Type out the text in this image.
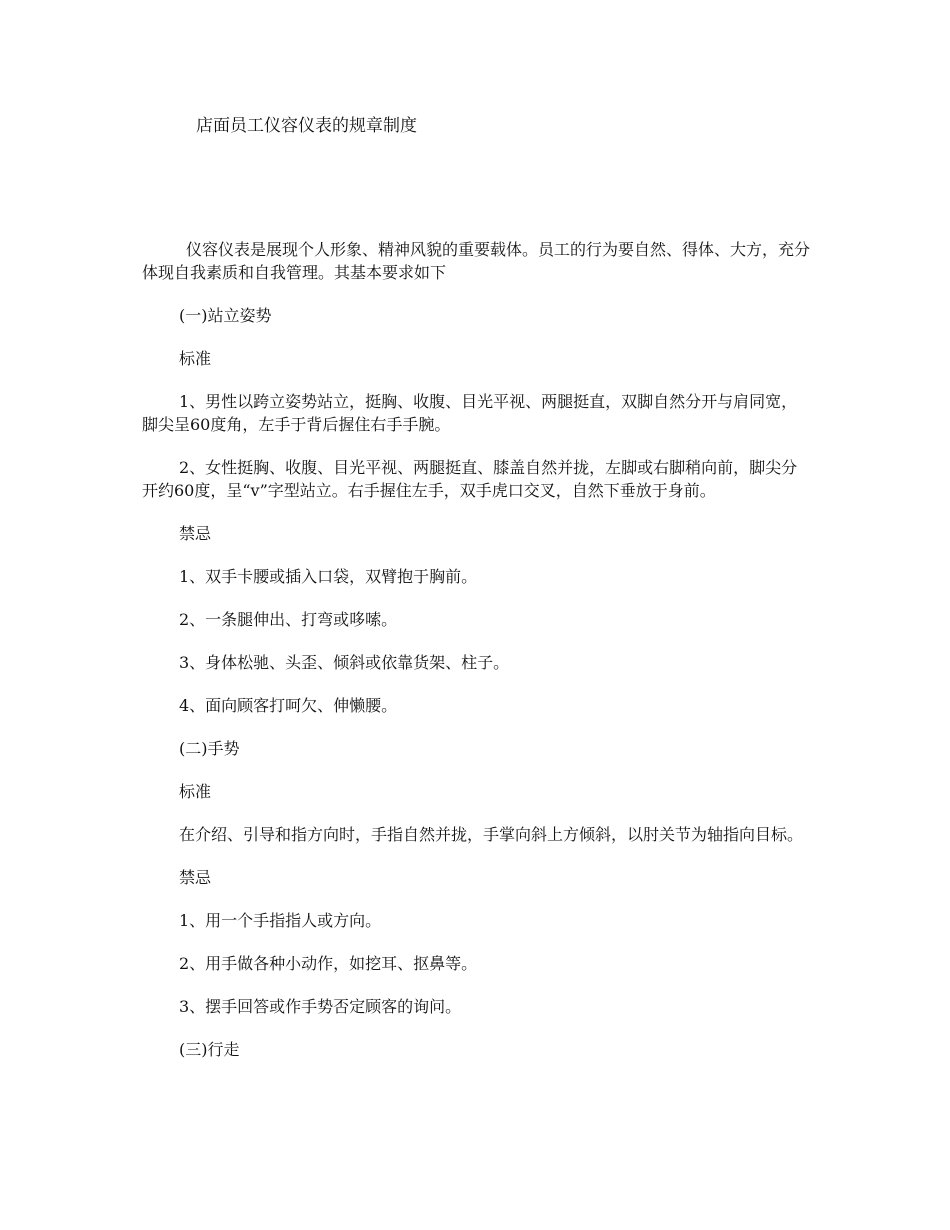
店面员工仪容仪表的规章制度

仪容仪表是展现个人形象、精神风貌的重要载体。员工的行为要自然、得体、大方，充分体现自我素质和自我管理。其基本要求如下

(一)站立姿势

标准

1、男性以跨立姿势站立，挺胸、收腹、目光平视、两腿挺直，双脚自然分开与肩同宽，脚尖呈60度角，左手于背后握住右手手腕。

2、女性挺胸、收腹、目光平视、两腿挺直、膝盖自然并拢，左脚或右脚稍向前，脚尖分开约60度，呈“v”字型站立。右手握住左手，双手虎口交叉，自然下垂放于身前。

禁忌

1、双手卡腰或插入口袋，双臂抱于胸前。

2、一条腿伸出、打弯或哆嗦。

3、身体松驰、头歪、倾斜或依靠货架、柱子。

4、面向顾客打呵欠、伸懒腰。

(二)手势

标准

在介绍、引导和指方向时，手指自然并拢，手掌向斜上方倾斜，以肘关节为轴指向目标。

禁忌

1、用一个手指指人或方向。

2、用手做各种小动作，如挖耳、抠鼻等。

3、摆手回答或作手势否定顾客的询问。

(三)行走
